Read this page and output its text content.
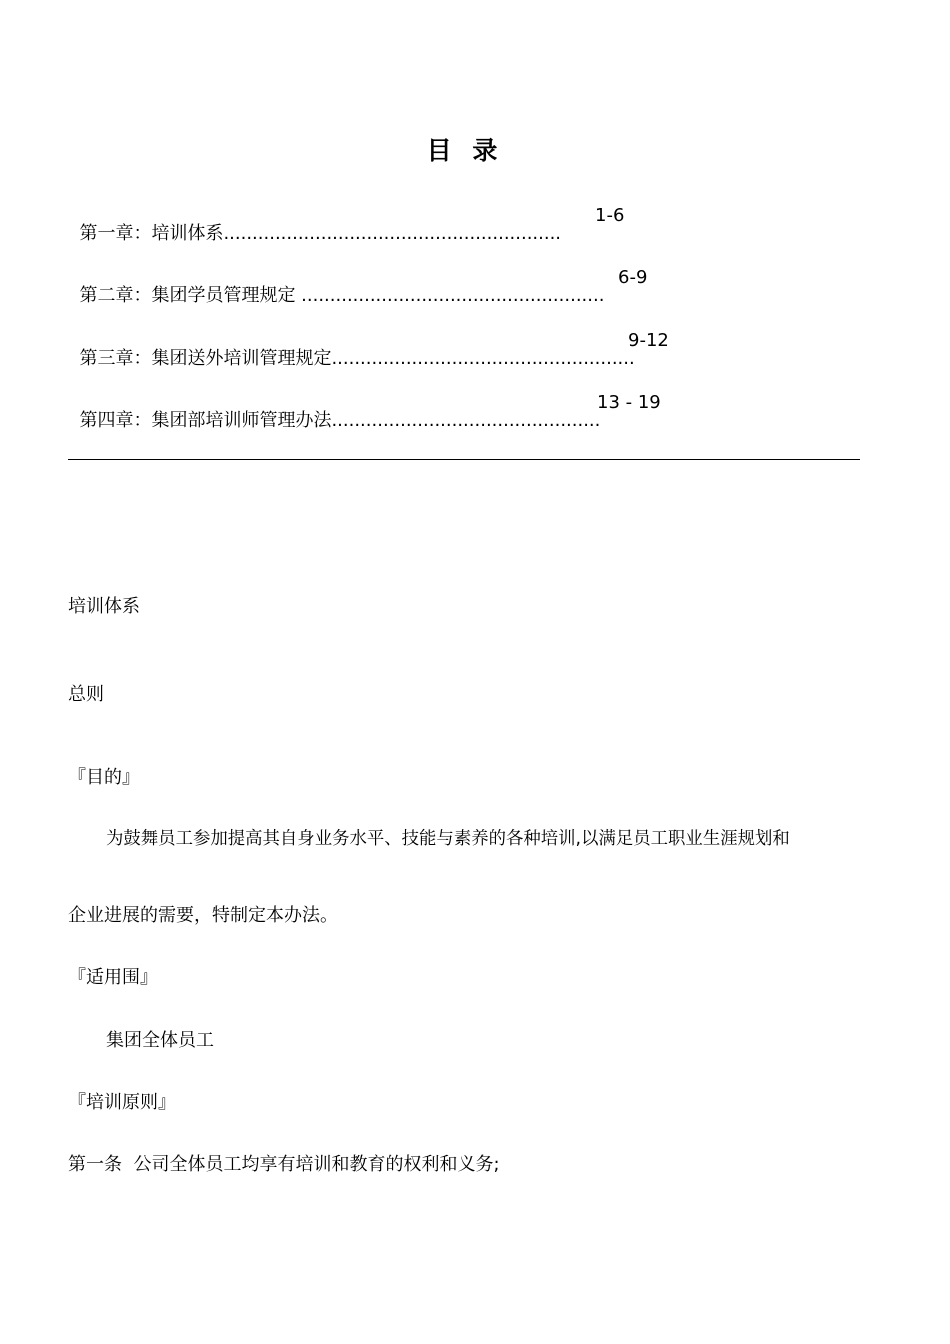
目 录

第一章：培训体系...........................................................

1-6

第二章：集团学员管理规定 .....................................................

6-9

第三章：集团送外培训管理规定.....................................................

9-12

第四章：集团部培训师管理办法...............................................

13 - 19
培训体系
总则
『目的』
为鼓舞员工参加提高其自身业务水平、技能与素养的各种培训,以满足员工职业生涯规划和
企业进展的需要，特制定本办法。
『适用围』
集团全体员工
『培训原则』
第一条  公司全体员工均享有培训和教育的权利和义务;
